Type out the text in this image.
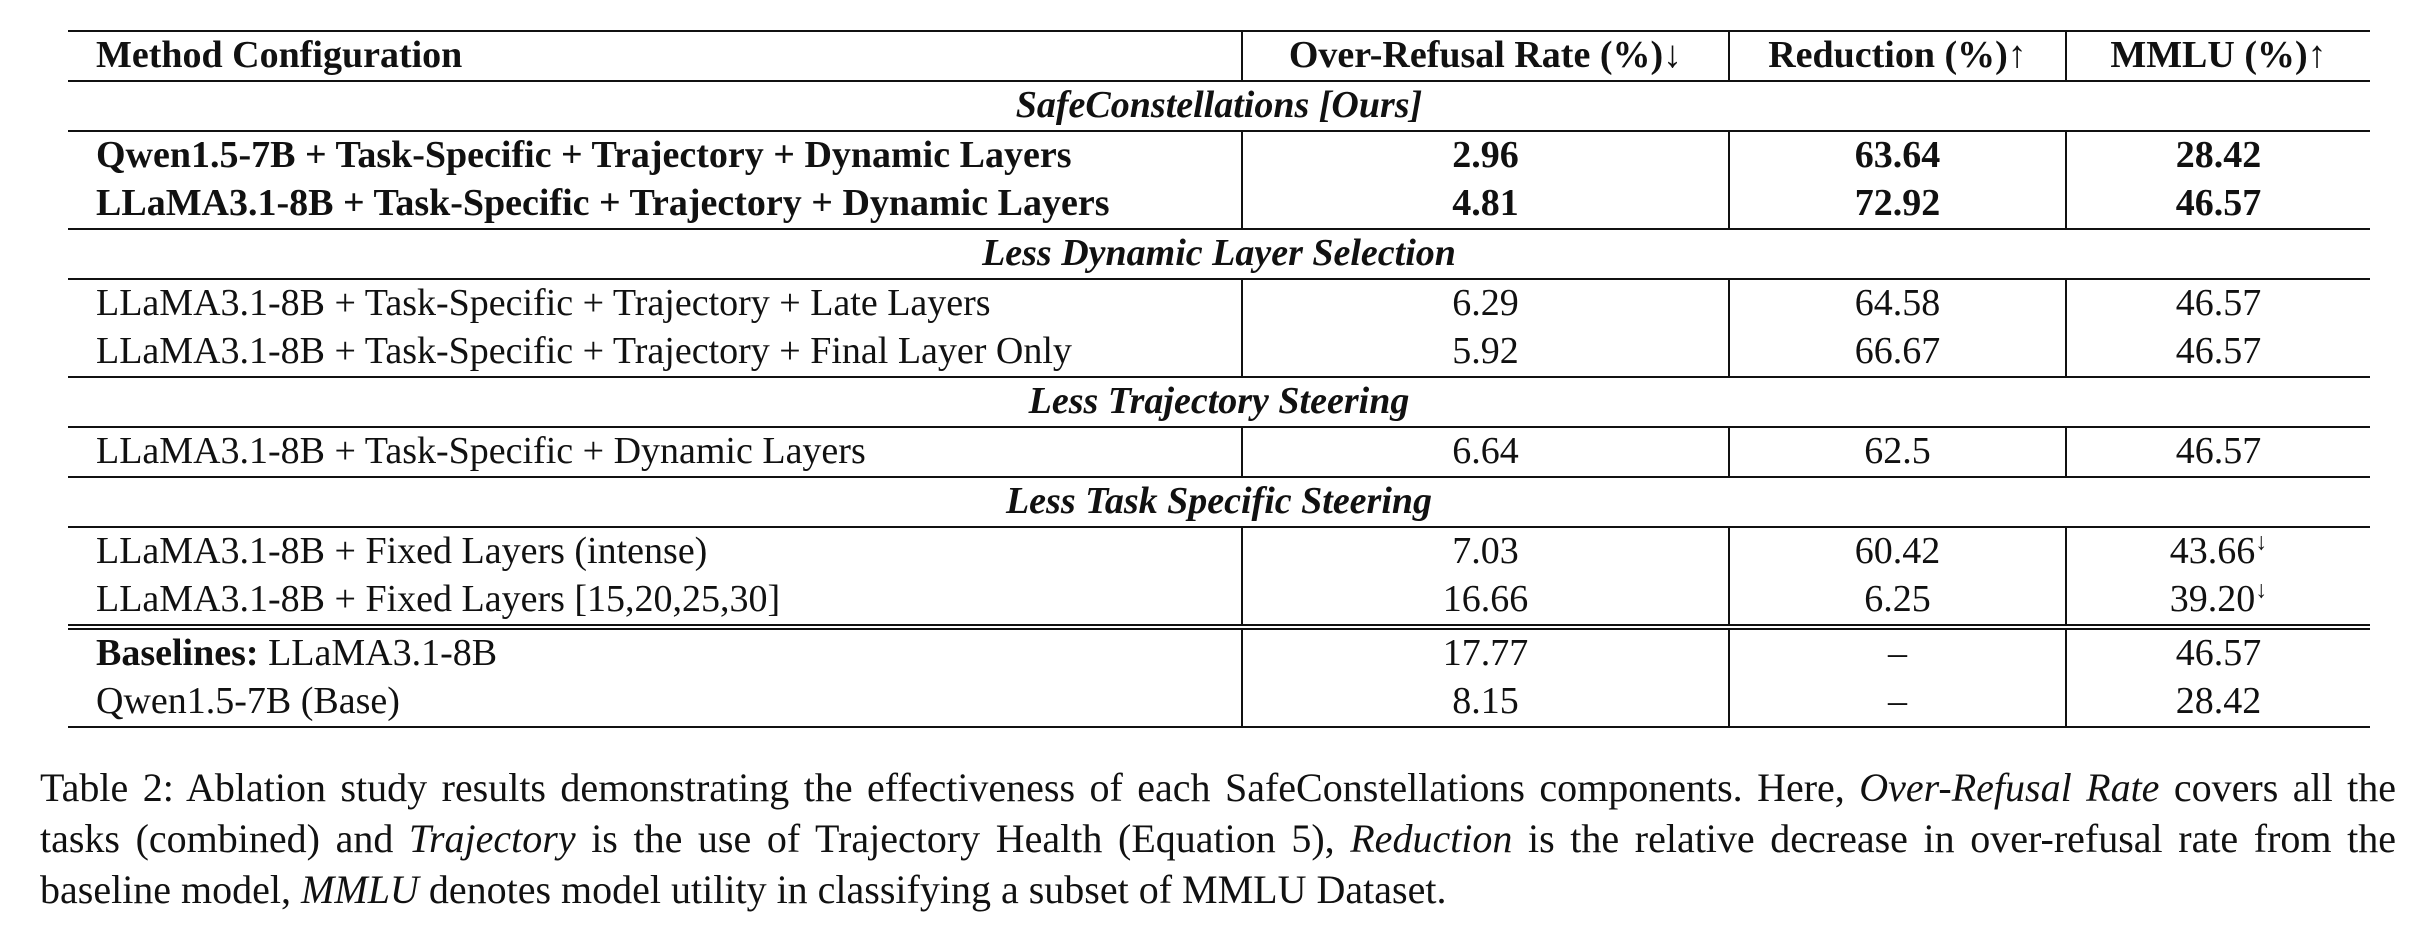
Method Configuration	Over-Refusal Rate (%)↓	Reduction (%)↑	MMLU (%)↑
SafeConstellations [Ours]			
Qwen1.5-7B + Task-Specific + Trajectory + Dynamic Layers	2.96	63.64	28.42
LLaMA3.1-8B + Task-Specific + Trajectory + Dynamic Layers	4.81	72.92	46.57
Less Dynamic Layer Selection			
LLaMA3.1-8B + Task-Specific + Trajectory + Late Layers	6.29	64.58	46.57
LLaMA3.1-8B + Task-Specific + Trajectory + Final Layer Only	5.92	66.67	46.57
Less Trajectory Steering			
LLaMA3.1-8B + Task-Specific + Dynamic Layers	6.64	62.5	46.57
Less Task Specific Steering			
LLaMA3.1-8B + Fixed Layers (intense)	7.03	60.42	43.66↓
LLaMA3.1-8B + Fixed Layers [15,20,25,30]	16.66	6.25	39.20↓
Baselines: LLaMA3.1-8B	17.77	–	46.57
Qwen1.5-7B (Base)	8.15	–	28.42

Table 2: Ablation study results demonstrating the effectiveness of each SafeConstellations components. Here, Over-Refusal Rate covers all the tasks (combined) and Trajectory is the use of Trajectory Health (Equation 5), Reduction is the relative decrease in over-refusal rate from the baseline model, MMLU denotes model utility in classifying a subset of MMLU Dataset.
